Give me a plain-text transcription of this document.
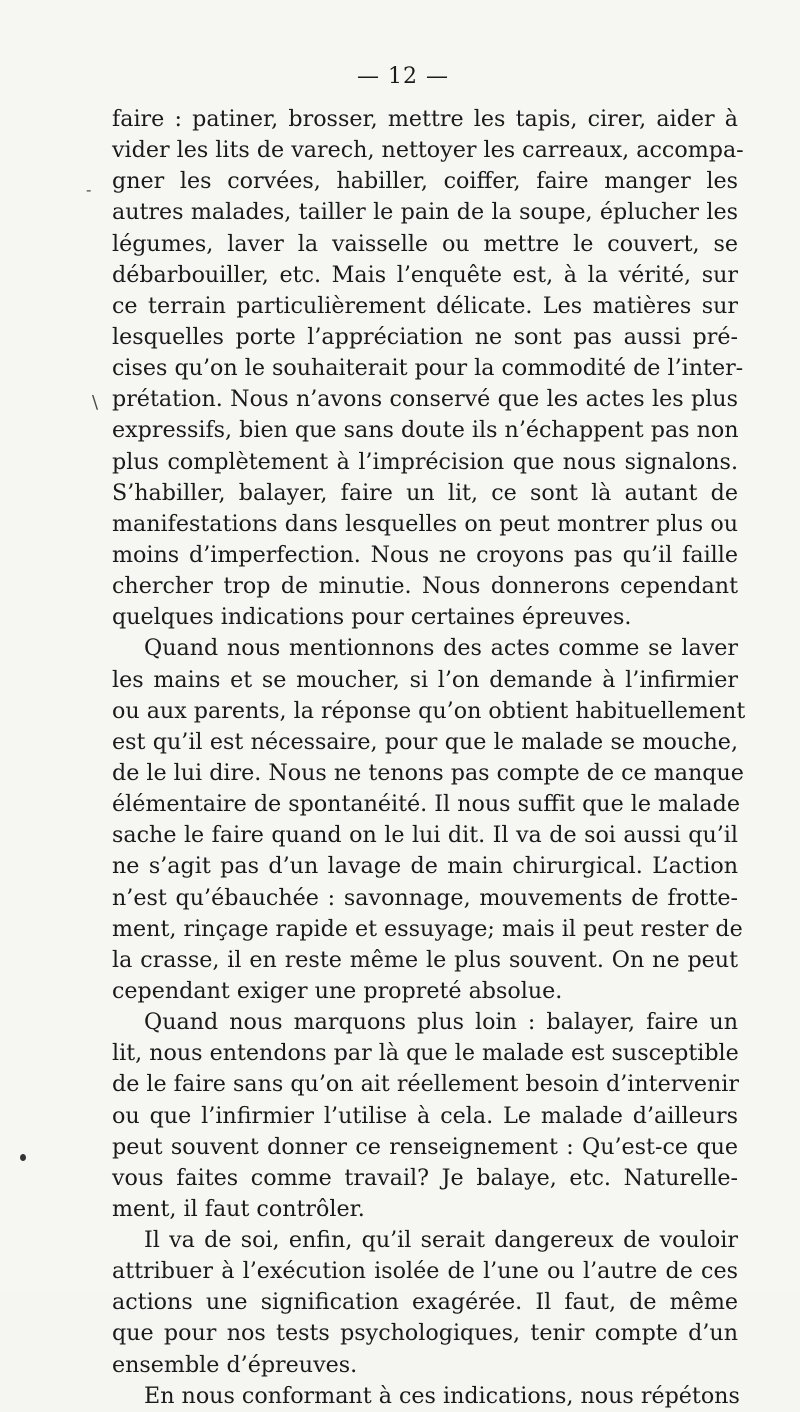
— 12 —
-
\
faire : patiner, brosser, mettre les tapis, cirer, aider à
vider les lits de varech, nettoyer les carreaux, accompa-
gner les corvées, habiller, coiffer, faire manger les
autres malades, tailler le pain de la soupe, éplucher les
légumes, laver la vaisselle ou mettre le couvert, se
débarbouiller, etc. Mais l’enquête est, à la vérité, sur
ce terrain particulièrement délicate. Les matières sur
lesquelles porte l’appréciation ne sont pas aussi pré-
cises qu’on le souhaiterait pour la commodité de l’inter-
prétation. Nous n’avons conservé que les actes les plus
expressifs, bien que sans doute ils n’échappent pas non
plus complètement à l’imprécision que nous signalons.
S’habiller, balayer, faire un lit, ce sont là autant de
manifestations dans lesquelles on peut montrer plus ou
moins d’imperfection. Nous ne croyons pas qu’il faille
chercher trop de minutie. Nous donnerons cependant
quelques indications pour certaines épreuves.
Quand nous mentionnons des actes comme se laver
les mains et se moucher, si l’on demande à l’infirmier
ou aux parents, la réponse qu’on obtient habituellement
est qu’il est nécessaire, pour que le malade se mouche,
de le lui dire. Nous ne tenons pas compte de ce manque
élémentaire de spontanéité. Il nous suffit que le malade
sache le faire quand on le lui dit. Il va de soi aussi qu’il
ne s’agit pas d’un lavage de main chirurgical. L’action
n’est qu’ébauchée : savonnage, mouvements de frotte-
ment, rinçage rapide et essuyage; mais il peut rester de
la crasse, il en reste même le plus souvent. On ne peut
cependant exiger une propreté absolue.
Quand nous marquons plus loin : balayer, faire un
lit, nous entendons par là que le malade est susceptible
de le faire sans qu’on ait réellement besoin d’intervenir
ou que l’infirmier l’utilise à cela. Le malade d’ailleurs
peut souvent donner ce renseignement : Qu’est-ce que
vous faites comme travail? Je balaye, etc. Naturelle-
ment, il faut contrôler.
Il va de soi, enfin, qu’il serait dangereux de vouloir
attribuer à l’exécution isolée de l’une ou l’autre de ces
actions une signification exagérée. Il faut, de même
que pour nos tests psychologiques, tenir compte d’un
ensemble d’épreuves.
En nous conformant à ces indications, nous répétons
